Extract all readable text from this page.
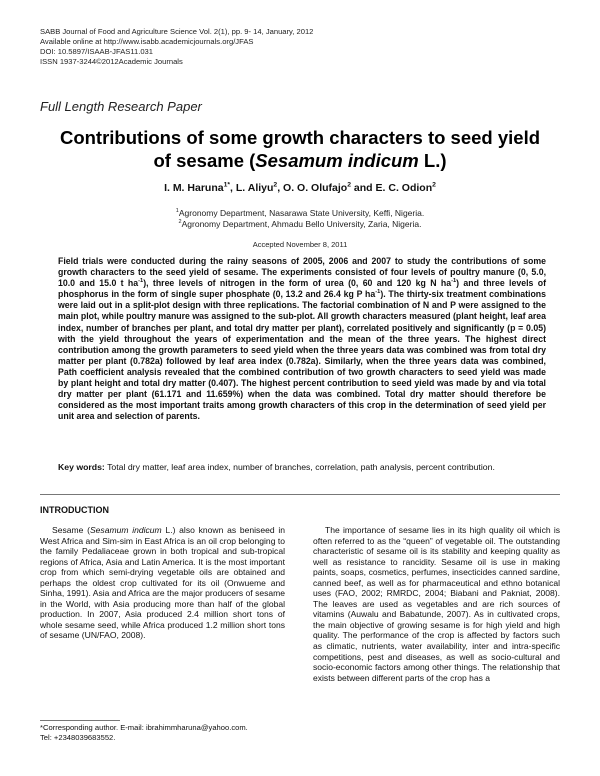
SABB Journal of Food and Agriculture Science Vol. 2(1), pp. 9- 14, January, 2012
Available online at http://www.isabb.academicjournals.org/JFAS
DOI: 10.5897/ISAAB-JFAS11.031
ISSN 1937-3244©2012Academic Journals
Full Length Research Paper
Contributions of some growth characters to seed yield
of sesame (Sesamum indicum L.)
I. M. Haruna$^{1*}$, L. Aliyu$^2$, O. O. Olufajo$^2$ and E. C. Odion$^2$
$^1$Agronomy Department, Nasarawa State University, Keffi, Nigeria.
$^2$Agronomy Department, Ahmadu Bello University, Zaria, Nigeria.
Accepted November 8, 2011
Field trials were conducted during the rainy seasons of 2005, 2006 and 2007 to study the contributions of some growth characters to the seed yield of sesame. The experiments consisted of four levels of poultry manure (0, 5.0, 10.0 and 15.0 t $ha^{-1}$), three levels of nitrogen in the form of urea (0, 60 and 120 kg N $ha^{-1}$) and three levels of phosphorus in the form of single super phosphate (0, 13.2 and 26.4 kg P $ha^{-1}$). The thirty-six treatment combinations were laid out in a split-plot design with three replications. The factorial combination of N and P were assigned to the main plot, while poultry manure was assigned to the sub-plot. All growth characters measured (plant height, leaf area index, number of branches per plant, and total dry matter per plant), correlated positively and significantly (p = 0.05) with the yield throughout the years of experimentation and the mean of the three years. The highest direct contribution among the growth parameters to seed yield when the three years data was combined was from total dry matter per plant (0.782a) followed by leaf area index (0.782a). Similarly, when the three years data was combined, Path coefficient analysis revealed that the combined contribution of two growth characters to seed yield was made by plant height and total dry matter (0.407). The highest percent contribution to seed yield was made by and via total dry matter per plant (61.171 and 11.659%) when the data was combined. Total dry matter should therefore be considered as the most important traits among growth characters of this crop in the determination of seed yield per unit area and selection of parents.
Key words: Total dry matter, leaf area index, number of branches, correlation, path analysis, percent contribution.
INTRODUCTION

Sesame (Sesamum indicum L.) also known as beniseed in West Africa and Sim-sim in East Africa is an oil crop belonging to the family Pedaliaceae grown in both tropical and sub-tropical regions of Africa, Asia and Latin America. It is the most important crop from which semi-drying vegetable oils are obtained and perhaps the oldest crop cultivated for its oil (Onwueme and Sinha, 1991). Asia and Africa are the major producers of sesame in the World, with Asia producing more than half of the global production. In 2007, Asia produced 2.4 million short tons of whole sesame seed, while Africa produced 1.2 million short tons of sesame (UN/FAO, 2008).

The importance of sesame lies in its high quality oil which is often referred to as the “queen” of vegetable oil. The outstanding characteristic of sesame oil is its stability and keeping quality as well as resistance to rancidity. Sesame oil is use in making paints, soaps, cosmetics, perfumes, insecticides canned sardine, canned beef, as well as for pharmaceutical and ethno botanical uses (FAO, 2002; RMRDC, 2004; Biabani and Pakniat, 2008). The leaves are used as vegetables and are rich sources of vitamins (Auwalu and Babatunde, 2007). As in cultivated crops, the main objective of growing sesame is for high yield and high quality. The performance of the crop is affected by factors such as climatic, nutrients, water availability, inter and intra-specific competitions, pest and diseases, as well as socio-cultural and socio-economic factors among other things. The relationship that exists between different parts of the crop has a

*Corresponding author. E-mail: ibrahimmharuna@yahoo.com.
Tel: +2348039683552.
